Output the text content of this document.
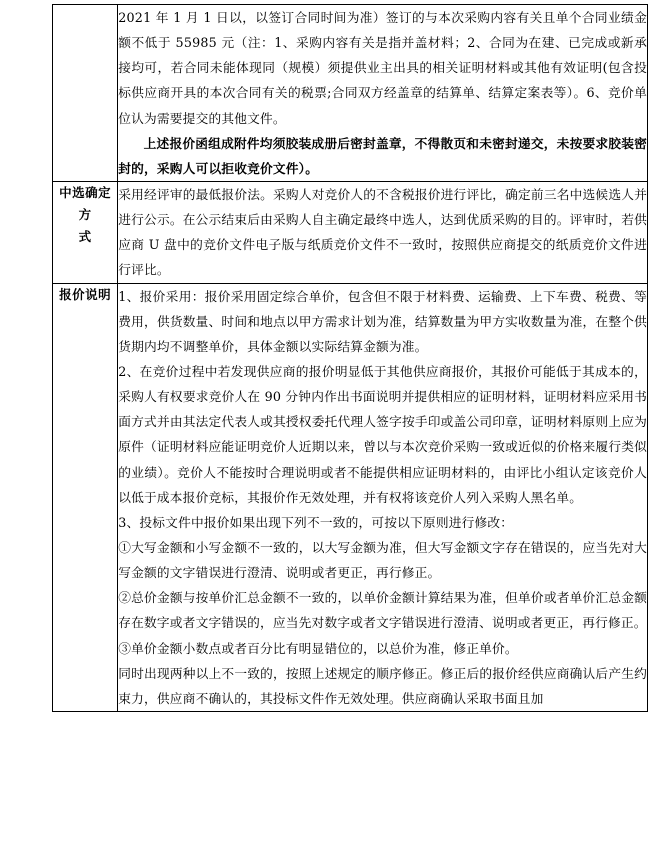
	2021 年 1 月 1 日以，以签订合同时间为准）签订的与本次采购内容有关且单个合同业绩金额不低于 55985 元（注：1、采购内容有关是指并盖材料；2、合同为在建、已完成或新承接均可，若合同未能体现同（规模）须提供业主出具的相关证明材料或其他有效证明(包含投标供应商开具的本次合同有关的税票;合同双方经盖章的结算单、结算定案表等）。6、竞价单位认为需要提交的其他文件。

上述报价函组成附件均须胶装成册后密封盖章，不得散页和未密封递交，未按要求胶装密封的，采购人可以拒收竞价文件）。

中选确定方
式	采用经评审的最低报价法。采购人对竞价人的不含税报价进行评比，确定前三名中选候选人并进行公示。在公示结束后由采购人自主确定最终中选人，达到优质采购的目的。评审时，若供应商 U 盘中的竞价文件电子版与纸质竞价文件不一致时，按照供应商提交的纸质竞价文件进行评比。

报价说明	1、报价采用：报价采用固定综合单价，包含但不限于材料费、运输费、上下车费、税费、等费用，供货数量、时间和地点以甲方需求计划为准，结算数量为甲方实收数量为准，在整个供货期内均不调整单价，具体金额以实际结算金额为准。

2、在竞价过程中若发现供应商的报价明显低于其他供应商报价，其报价可能低于其成本的，采购人有权要求竞价人在 90 分钟内作出书面说明并提供相应的证明材料，证明材料应采用书面方式并由其法定代表人或其授权委托代理人签字按手印或盖公司印章，证明材料原则上应为原件（证明材料应能证明竞价人近期以来，曾以与本次竞价采购一致或近似的价格来履行类似的业绩）。竞价人不能按时合理说明或者不能提供相应证明材料的，由评比小组认定该竞价人以低于成本报价竞标，其报价作无效处理，并有权将该竞价人列入采购人黑名单。

3、投标文件中报价如果出现下列不一致的，可按以下原则进行修改：

①大写金额和小写金额不一致的，以大写金额为准，但大写金额文字存在错误的，应当先对大写金额的文字错误进行澄清、说明或者更正，再行修正。

②总价金额与按单价汇总金额不一致的，以单价金额计算结果为准，但单价或者单价汇总金额存在数字或者文字错误的，应当先对数字或者文字错误进行澄清、说明或者更正，再行修正。

③单价金额小数点或者百分比有明显错位的，以总价为准，修正单价。

同时出现两种以上不一致的，按照上述规定的顺序修正。修正后的报价经供应商确认后产生约束力，供应商不确认的，其投标文件作无效处理。供应商确认采取书面且加
